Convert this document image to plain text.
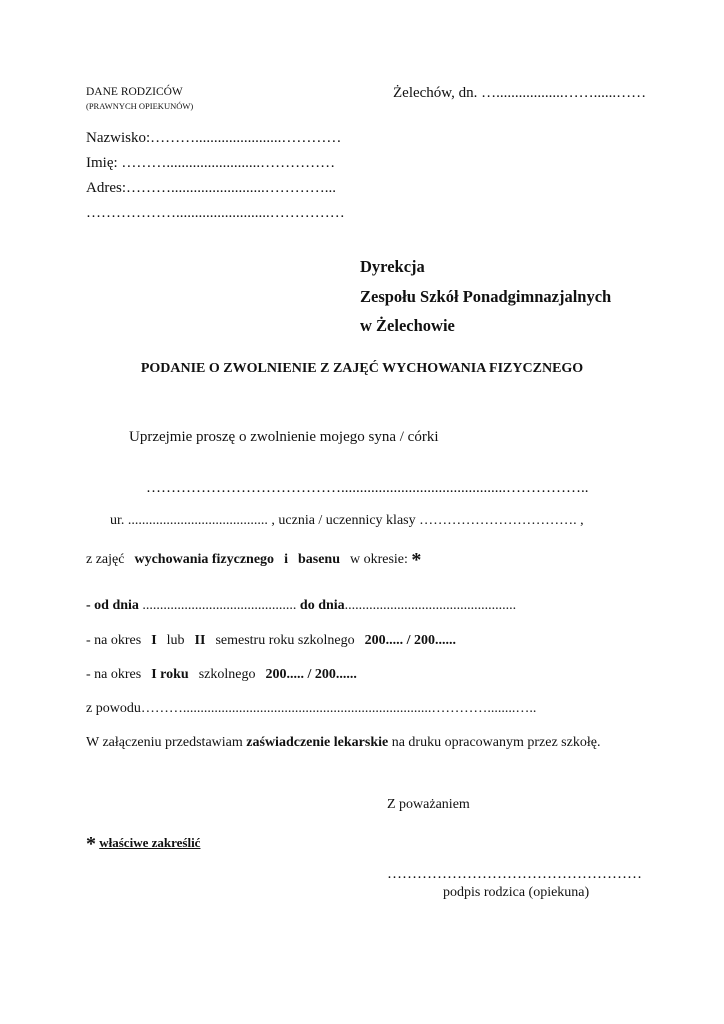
DANE RODZICÓW
(PRAWNYCH OPIEKUNÓW)
Żelechów, dn. …..................……......……
Nazwisko:……….......................…………
Imię: ……….........................……………
Adres:……….........................…………...
……………….........................……………
Dyrekcja
Zespołu Szkół Ponadgimnazjalnych
w Żelechowie
PODANIE O ZWOLNIENIE Z ZAJĘĆ WYCHOWANIA FIZYCZNEGO
Uprzejmie proszę o zwolnienie mojego syna / córki
…………………………………............................................……………..
ur. ........................................ , ucznia / uczennicy klasy ……………………………. ,
z zajęć wychowania fizycznego i basenu w okresie: *
- od dnia ............................................ do dnia.................................................
- na okres I lub II semestru roku szkolnego 200..... / 200......
- na okres I roku szkolnego 200..... / 200......
z powodu……….......................................................................…………........…..
W załączeniu przedstawiam zaświadczenie lekarskie na druku opracowanym przez szkołę.
Z poważaniem
* właściwe zakreślić
……………………………………………
podpis rodzica (opiekuna)
